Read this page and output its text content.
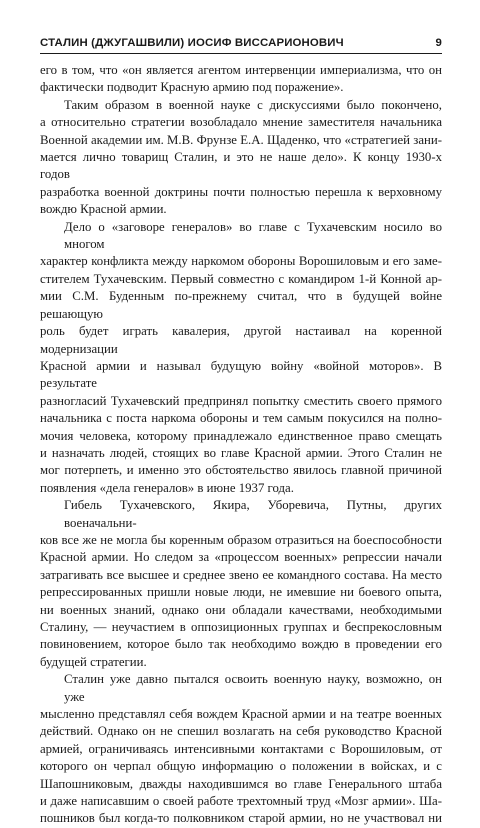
СТАЛИН (ДЖУГАШВИЛИ) ИОСИФ ВИССАРИОНОВИЧ	9
его в том, что «он является агентом интервенции империализма, что он
фактически подводит Красную армию под поражение».
Таким образом в военной науке с дискуссиями было покончено,
а относительно стратегии возобладало мнение заместителя начальника
Военной академии им. М.В. Фрунзе Е.А. Щаденко, что «стратегией зани-
мается лично товарищ Сталин, и это не наше дело». К концу 1930-х годов
разработка военной доктрины почти полностью перешла к верховному
вождю Красной армии.
Дело о «заговоре генералов» во главе с Тухачевским носило во многом
характер конфликта между наркомом обороны Ворошиловым и его заме-
стителем Тухачевским. Первый совместно с командиром 1-й Конной ар-
мии С.М. Буденным по-прежнему считал, что в будущей войне решающую
роль будет играть кавалерия, другой настаивал на коренной модернизации
Красной армии и называл будущую войну «войной моторов». В результате
разногласий Тухачевский предпринял попытку сместить своего прямого
начальника с поста наркома обороны и тем самым покусился на полно-
мочия человека, которому принадлежало единственное право смещать
и назначать людей, стоящих во главе Красной армии. Этого Сталин не
мог потерпеть, и именно это обстоятельство явилось главной причиной
появления «дела генералов» в июне 1937 года.
Гибель Тухачевского, Якира, Уборевича, Путны, других военачальни-
ков все же не могла бы коренным образом отразиться на боеспособности
Красной армии. Но следом за «процессом военных» репрессии начали
затрагивать все высшее и среднее звено ее командного состава. На место
репрессированных пришли новые люди, не имевшие ни боевого опыта,
ни военных знаний, однако они обладали качествами, необходимыми
Сталину, — неучастием в оппозиционных группах и беспрекословным
повиновением, которое было так необходимо вождю в проведении его
будущей стратегии.
Сталин уже давно пытался освоить военную науку, возможно, он уже
мысленно представлял себя вождем Красной армии и на театре военных
действий. Однако он не спешил возлагать на себя руководство Красной
армией, ограничиваясь интенсивными контактами с Ворошиловым, от
которого он черпал общую информацию о положении в войсках, и с
Шапошниковым, дважды находившимся во главе Генерального штаба
и даже написавшим о своей работе трехтомный труд «Мозг армии». Ша-
пошников был когда-то полковником старой армии, но не участвовал ни
